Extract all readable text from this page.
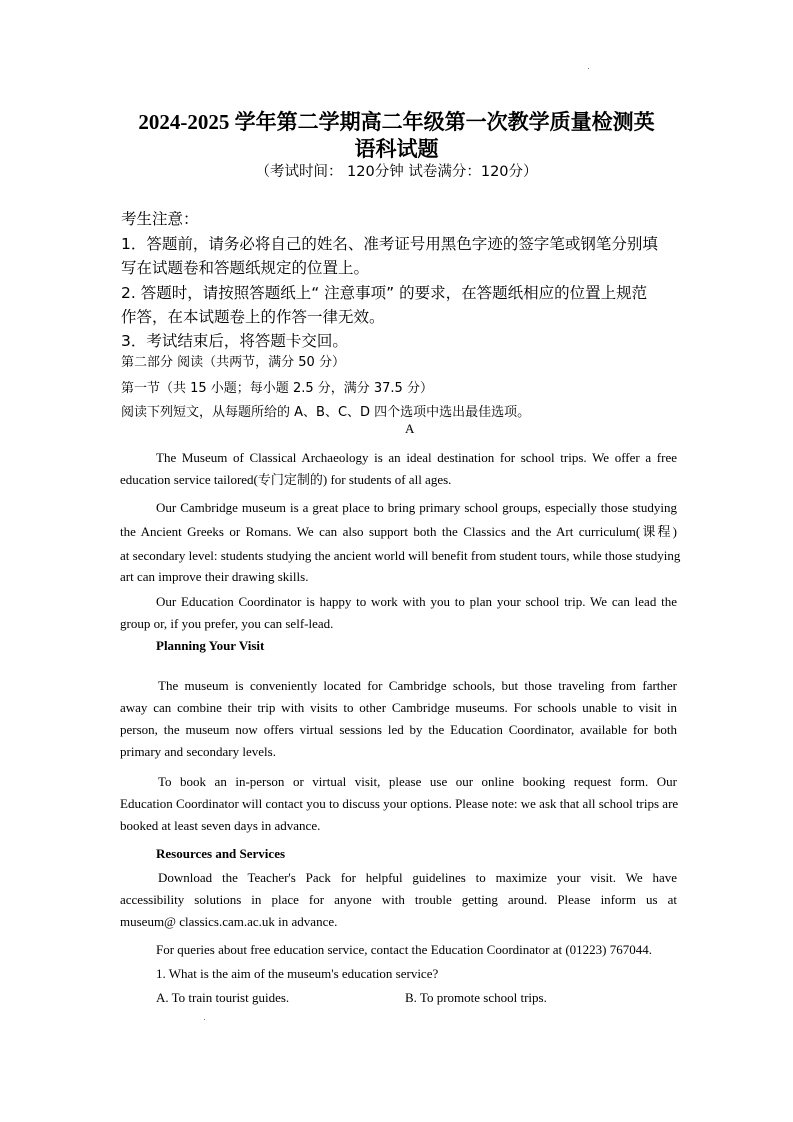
2024-2025 学年第二学期高二年级第一次教学质量检测英
语科试题
（考试时间： 120分钟 试卷满分：120分）
考生注意：
1．答题前，请务必将自己的姓名、准考证号用黑色字迹的签字笔或钢笔分别填
写在试题卷和答题纸规定的位置上。
2. 答题时，请按照答题纸上“ 注意事项” 的要求，在答题纸相应的位置上规范
作答，在本试题卷上的作答一律无效。
3．考试结束后，将答题卡交回。
第二部分 阅读（共两节，满分 50 分）
第一节（共 15 小题；每小题 2.5 分，满分 37.5 分）
阅读下列短文，从每题所给的 A、B、C、D 四个选项中选出最佳选项。
A
The Museum of Classical Archaeology is an ideal destination for school trips. We offer a free
education service tailored(专门定制的) for students of all ages.
Our Cambridge museum is a great place to bring primary school groups, especially those studying
the Ancient Greeks or Romans. We can also support both the Classics and the Art curriculum(课程)
at secondary level: students studying the ancient world will benefit from student tours, while those studying
art can improve their drawing skills.
Our Education Coordinator is happy to work with you to plan your school trip. We can lead the
group or, if you prefer, you can self-lead.
Planning Your Visit
The museum is conveniently located for Cambridge schools, but those traveling from farther
away can combine their trip with visits to other Cambridge museums. For schools unable to visit in
person, the museum now offers virtual sessions led by the Education Coordinator, available for both
primary and secondary levels.
To book an in-person or virtual visit, please use our online booking request form. Our
Education Coordinator will contact you to discuss your options. Please note: we ask that all school trips are
booked at least seven days in advance.
Resources and Services
Download the Teacher's Pack for helpful guidelines to maximize your visit. We have
accessibility solutions in place for anyone with trouble getting around. Please inform us at
museum@ classics.cam.ac.uk in advance.
For queries about free education service, contact the Education Coordinator at (01223) 767044.
1. What is the aim of the museum's education service?
A. To train tourist guides.	B. To promote school trips.
